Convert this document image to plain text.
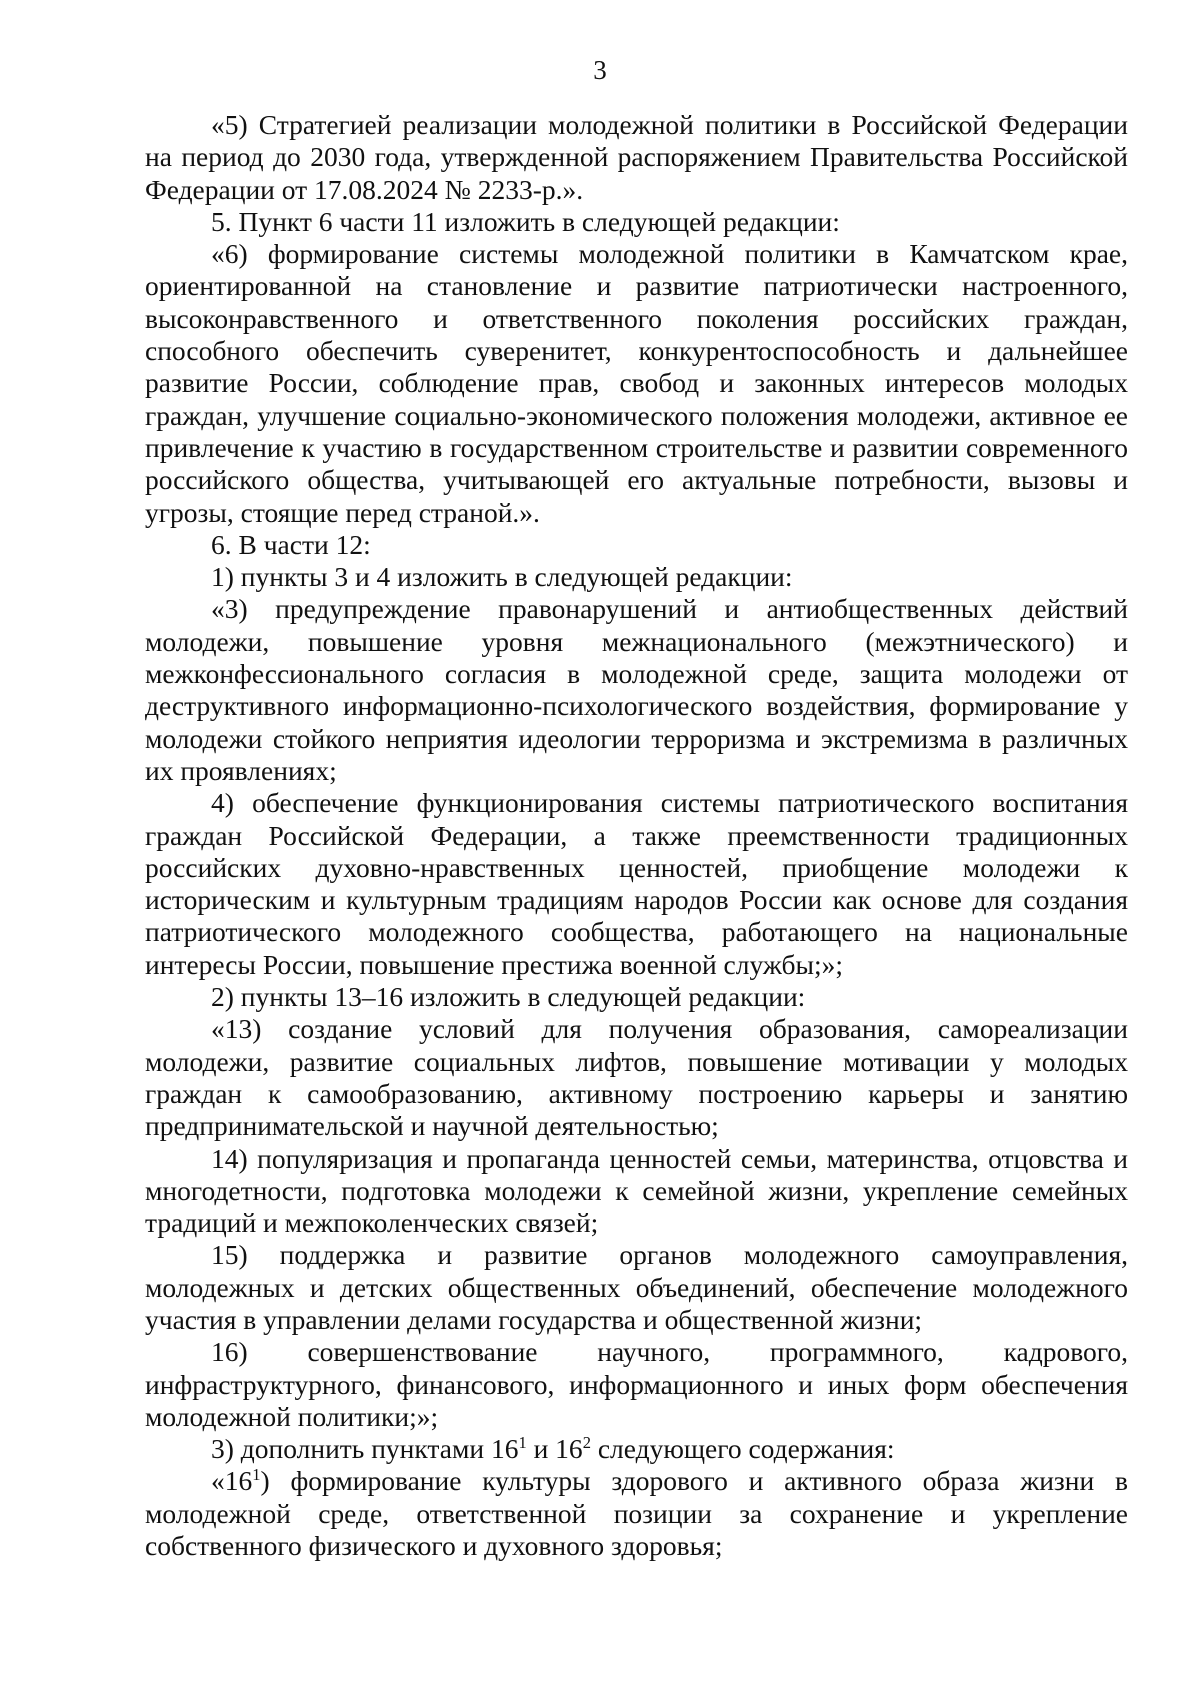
3

«5) Стратегией реализации молодежной политики в Российской Федерации на период до 2030 года, утвержденной распоряжением Правительства Российской Федерации от 17.08.2024 № 2233-р.».

5. Пункт 6 части 11 изложить в следующей редакции:

«6) формирование системы молодежной политики в Камчатском крае, ориентированной на становление и развитие патриотически настроенного, высоконравственного и ответственного поколения российских граждан, способного обеспечить суверенитет, конкурентоспособность и дальнейшее развитие России, соблюдение прав, свобод и законных интересов молодых граждан, улучшение социально-экономического положения молодежи, активное ее привлечение к участию в государственном строительстве и развитии современного российского общества, учитывающей его актуальные потребности, вызовы и угрозы, стоящие перед страной.».

6. В части 12:

1) пункты 3 и 4 изложить в следующей редакции:

«3) предупреждение правонарушений и антиобщественных действий молодежи, повышение уровня межнационального (межэтнического) и межконфессионального согласия в молодежной среде, защита молодежи от деструктивного информационно-психологического воздействия, формирование у молодежи стойкого неприятия идеологии терроризма и экстремизма в различных их проявлениях;

4) обеспечение функционирования системы патриотического воспитания граждан Российской Федерации, а также преемственности традиционных российских духовно-нравственных ценностей, приобщение молодежи к историческим и культурным традициям народов России как основе для создания патриотического молодежного сообщества, работающего на национальные интересы России, повышение престижа военной службы;»;

2) пункты 13–16 изложить в следующей редакции:

«13) создание условий для получения образования, самореализации молодежи, развитие социальных лифтов, повышение мотивации у молодых граждан к самообразованию, активному построению карьеры и занятию предпринимательской и научной деятельностью;

14) популяризация и пропаганда ценностей семьи, материнства, отцовства и многодетности, подготовка молодежи к семейной жизни, укрепление семейных традиций и межпоколенческих связей;

15) поддержка и развитие органов молодежного самоуправления, молодежных и детских общественных объединений, обеспечение молодежного участия в управлении делами государства и общественной жизни;

16) совершенствование научного, программного, кадрового, инфраструктурного, финансового, информационного и иных форм обеспечения молодежной политики;»;

3) дополнить пунктами $16^1$ и $16^2$ следующего содержания:

«$16^1$) формирование культуры здорового и активного образа жизни в молодежной среде, ответственной позиции за сохранение и укрепление собственного физического и духовного здоровья;
